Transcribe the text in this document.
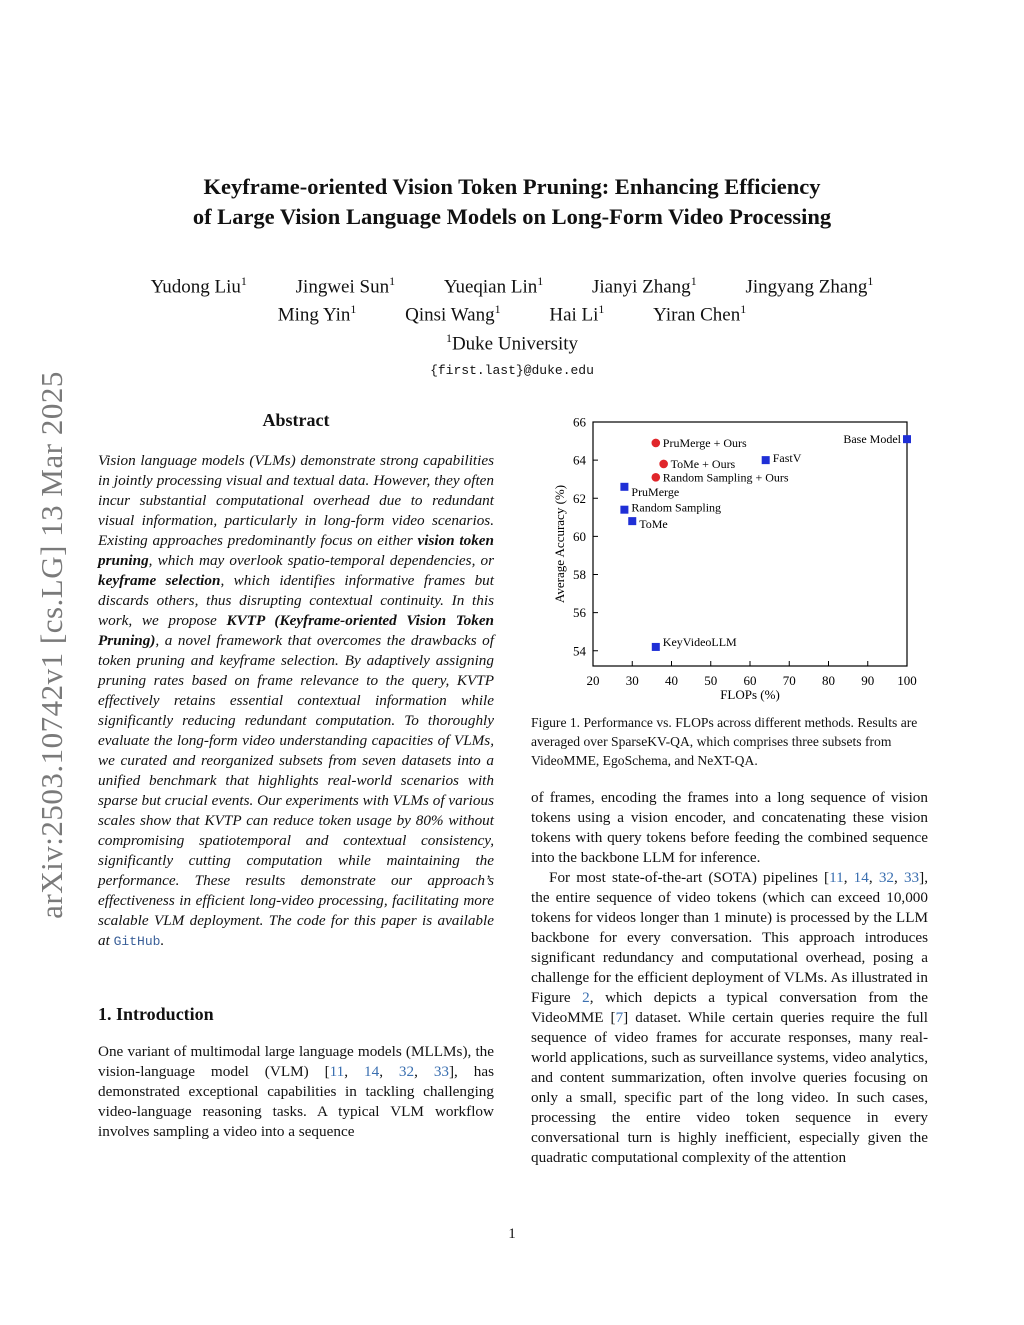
arXiv:2503.10742v1 [cs.LG] 13 Mar 2025
Keyframe-oriented Vision Token Pruning: Enhancing Efficiency
of Large Vision Language Models on Long-Form Video Processing
Yudong Liu$^1$	Jingwei Sun$^1$	Yueqian Lin$^1$	Jianyi Zhang$^1$	Jingyang Zhang$^1$
Ming Yin$^1$	Qinsi Wang$^1$	Hai Li$^1$	Yiran Chen$^1$
$^1$Duke University
{first.last}@duke.edu
Abstract

Vision language models (VLMs) demonstrate strong capabilities in jointly processing visual and textual data. However, they often incur substantial computational overhead due to redundant visual information, particularly in long-form video scenarios. Existing approaches predominantly focus on either vision token pruning, which may overlook spatio-temporal dependencies, or keyframe selection, which identifies informative frames but discards others, thus disrupting contextual continuity. In this work, we propose KVTP (Keyframe-oriented Vision Token Pruning), a novel framework that overcomes the drawbacks of token pruning and keyframe selection. By adaptively assigning pruning rates based on frame relevance to the query, KVTP effectively retains essential contextual information while significantly reducing redundant computation. To thoroughly evaluate the long-form video understanding capacities of VLMs, we curated and reorganized subsets from seven datasets into a unified benchmark that highlights real-world scenarios with sparse but crucial events. Our experiments with VLMs of various scales show that KVTP can reduce token usage by 80% without compromising spatiotemporal and contextual consistency, significantly cutting computation while maintaining the performance. These results demonstrate our approach’s effectiveness in efficient long-video processing, facilitating more scalable VLM deployment. The code for this paper is available at GitHub.

1. Introduction

One variant of multimodal large language models (MLLMs), the vision-language model (VLM) [11, 14, 32, 33], has demonstrated exceptional capabilities in tackling challenging video-language reasoning tasks. A typical VLM workflow involves sampling a video into a sequence

20 30 40 50 60 70 80 90 100
54
56
58
60
62
64
66
FLOPs (%)
Average Accuracy (%)
PruMerge + Ours
ToMe + Ours
Random Sampling + Ours
Base Model
FastV
PruMerge
Random Sampling
ToMe
KeyVideoLLM
Figure 1. Performance vs. FLOPs across different methods. Results are averaged over SparseKV-QA, which comprises three subsets from VideoMME, EgoSchema, and NeXT-QA.

of frames, encoding the frames into a long sequence of vision tokens using a vision encoder, and concatenating these vision tokens with query tokens before feeding the combined sequence into the backbone LLM for inference.

For most state-of-the-art (SOTA) pipelines [11, 14, 32, 33], the entire sequence of video tokens (which can exceed 10,000 tokens for videos longer than 1 minute) is processed by the LLM backbone for every conversation. This approach introduces significant redundancy and computational overhead, posing a challenge for the efficient deployment of VLMs. As illustrated in Figure 2, which depicts a typical conversation from the VideoMME [7] dataset. While certain queries require the full sequence of video frames for accurate responses, many real-world applications, such as surveillance systems, video analytics, and content summarization, often involve queries focusing on only a small, specific part of the long video. In such cases, processing the entire video token sequence in every conversational turn is highly inefficient, especially given the quadratic computational complexity of the attention

1
